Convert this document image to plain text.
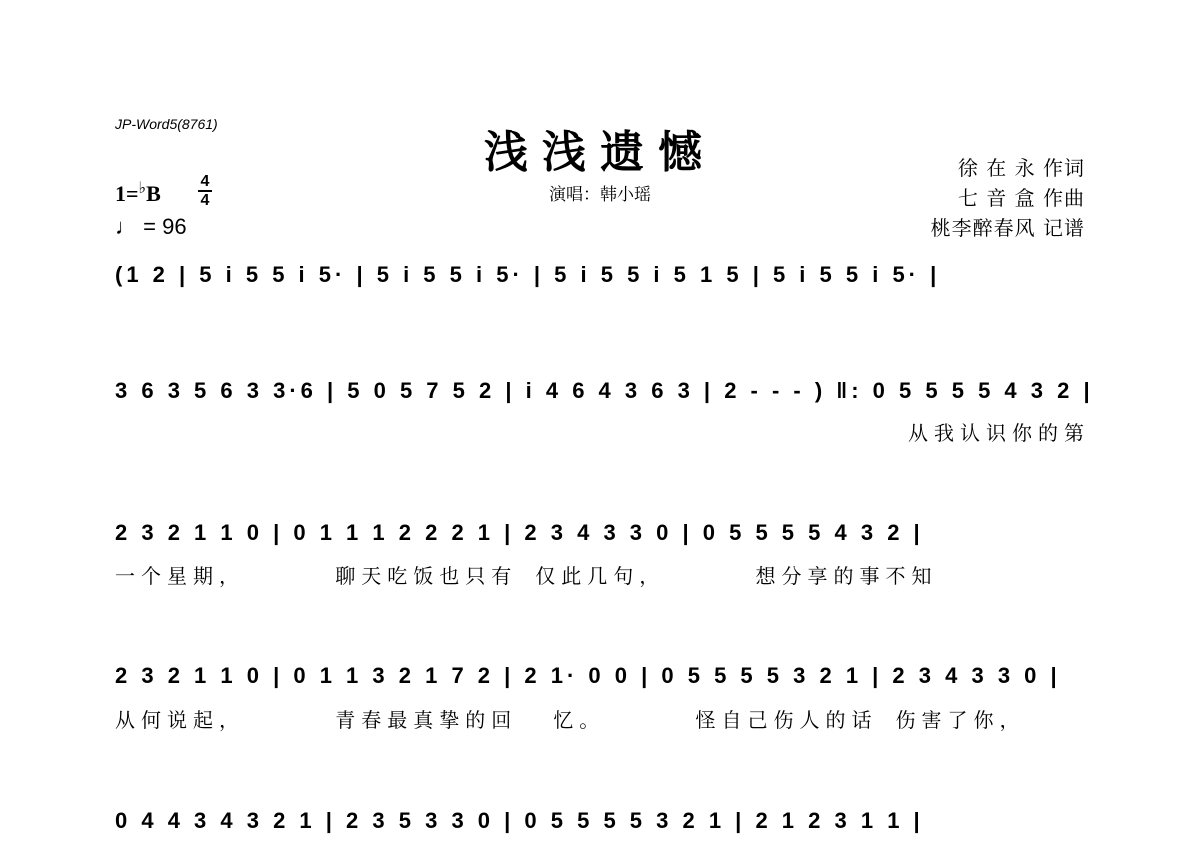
JP-Word5(8761)
浅浅遗憾
演唱：韩小瑶
1=♭B 4
4
♩ = 96
徐 在 永 作词
七 音 盒 作曲
桃李醉春风 记谱
(1 2 | 5 i 5 5 i 5· | 5 i 5 5 i 5· | 5 i 5 5 i 5 1 5 | 5 i 5 5 i 5· |
3 6 3 5 6 3 3·6 | 5 0 5 7 5 2 | i 4 6 4 3 6 3 | 2 - - - ) ‖: 0 5 5 5 5 4 3 2 |
从我认识你的第
2 3 2 1 1 0 | 0 1 1 1 2 2 2 1 | 2 3 4 3 3 0 | 0 5 5 5 5 4 3 2 |
一个星期，     聊天吃饭也只有 仅此几句，     想分享的事不知
2 3 2 1 1 0 | 0 1 1 3 2 1 7 2 | 2 1· 0 0 | 0 5 5 5 5 3 2 1 | 2 3 4 3 3 0 |
从何说起，     青春最真挚的回  忆。     怪自己伤人的话 伤害了你，
0 4 4 3 4 3 2 1 | 2 3 5 3 3 0 | 0 5 5 5 5 3 2 1 | 2 1 2 3 1 1 |
